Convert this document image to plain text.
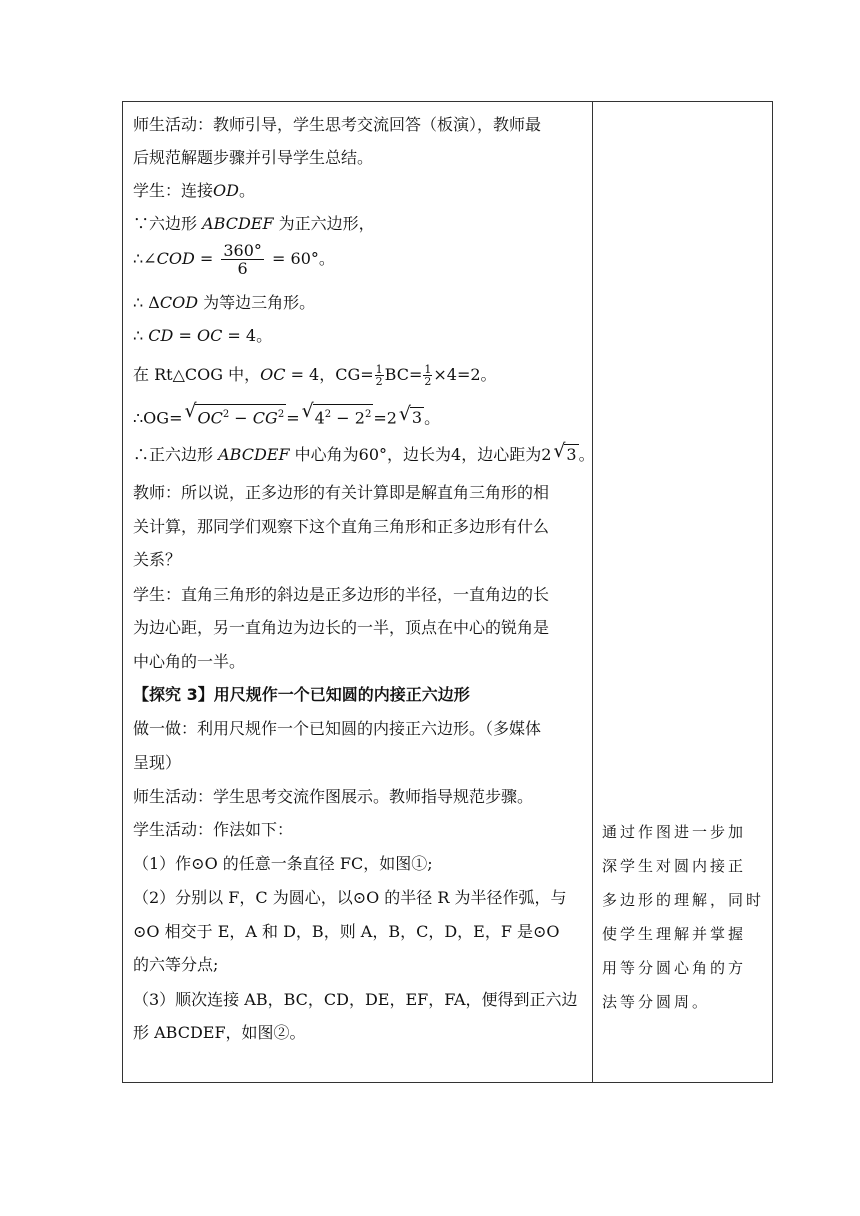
师生活动：教师引导，学生思考交流回答（板演），教师最
后规范解题步骤并引导学生总结。
学生：连接OD。
∵六边形 ABCDEF 为正六边形，
∴∠COD = $\frac{360^\circ}{6} = 60^\circ$。
∴ ΔCOD 为等边三角形。
∴ CD = OC = 4。
在 Rt△COG 中，OC = 4，$CG= \frac{1}{2} BC= \frac{1}{2} \times 4=2$。
∴OG=√ $OC^2 - CG^2$ =√ $4^2 - 2^2 =2√$ 3 。
∴正六边形 ABCDEF 中心角为60°，边长为4，边心距为2√ 3 。
教师：所以说，正多边形的有关计算即是解直角三角形的相
关计算，那同学们观察下这个直角三角形和正多边形有什么
关系？
学生：直角三角形的斜边是正多边形的半径，一直角边的长
为边心距，另一直角边为边长的一半，顶点在中心的锐角是
中心角的一半。
【探究 3】用尺规作一个已知圆的内接正六边形
做一做：利用尺规作一个已知圆的内接正六边形。（多媒体
呈现）
师生活动：学生思考交流作图展示。教师指导规范步骤。
学生活动：作法如下：
（1）作⊙O 的任意一条直径 FC，如图①;
（2）分别以 F，C 为圆心，以⊙O 的半径 R 为半径作弧，与
⊙O 相交于 E，A 和 D，B，则 A，B，C，D，E，F 是⊙O
的六等分点;
（3）顺次连接 AB，BC，CD，DE，EF，FA，便得到正六边
形 ABCDEF，如图②。
通过作图进一步加
深学生对圆内接正
多边形的理解，同时
使学生理解并掌握
用等分圆心角的方
法等分圆周。
